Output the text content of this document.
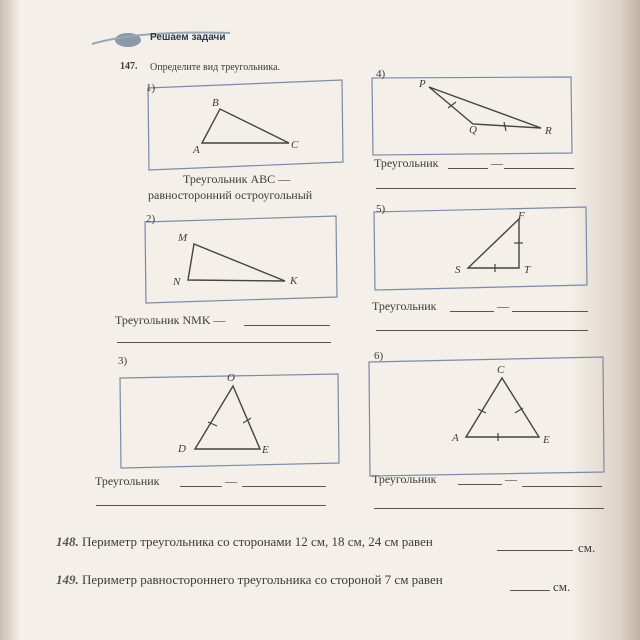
Решаем задачи
147. Определите вид треугольника.
1)
4)
2)
5)
3)	6)
B
A	C
M
N	K
O
D	E
P
Q	R
F
S	T
C
A	E
Треугольник ABC —
равносторонний остроугольный
Треугольник	—
Треугольник NMK —
Треугольник	—
Треугольник	—	Треугольник	—
148. Периметр треугольника со сторонами 12 см, 18 см, 24 см равен	см.
149. Периметр равностороннего треугольника со стороной 7 см равен	см.
